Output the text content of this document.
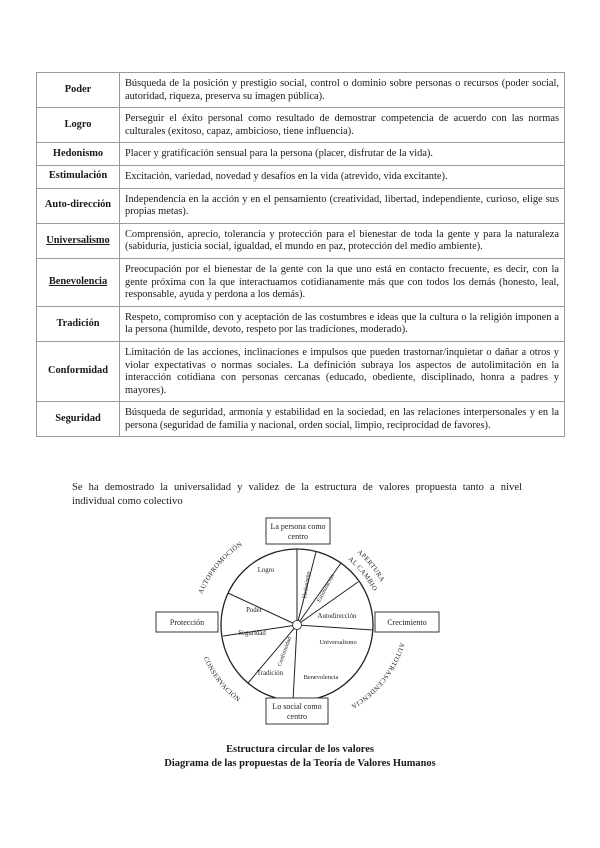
Poder	Búsqueda de la posición y prestigio social, control o dominio sobre personas o recursos (poder social, autoridad, riqueza, preserva su imagen pública).
Logro	Perseguir el éxito personal como resultado de demostrar competencia de acuerdo con las normas culturales (exitoso, capaz, ambicioso, tiene influencia).
Hedonismo	Placer y gratificación sensual para la persona (placer, disfrutar de la vida).
Estimulación	Excitación, variedad, novedad y desafíos en la vida (atrevido, vida excitante).
Auto-dirección	Independencia en la acción y en el pensamiento (creatividad, libertad, independiente, curioso, elige sus propias metas).
Universalismo	Comprensión, aprecio, tolerancia y protección para el bienestar de toda la gente y para la naturaleza (sabiduría, justicia social, igualdad, el mundo en paz, protección del medio ambiente).
Benevolencia	Preocupación por el bienestar de la gente con la que uno está en contacto frecuente, es decir, con la gente próxima con la que interactuamos cotidianamente más que con todos los demás (honesto, leal, responsable, ayuda y perdona a los demás).
Tradición	Respeto, compromiso con y aceptación de las costumbres e ideas que la cultura o la religión imponen a la persona (humilde, devoto, respeto por las tradiciones, moderado).
Conformidad	Limitación de las acciones, inclinaciones e impulsos que pueden trastornar/inquietar o dañar a otros y violar expectativas o normas sociales. La definición subraya los aspectos de autolimitación en la interacción cotidiana con personas cercanas (educado, obediente, disciplinado, honra a padres y mayores).
Seguridad	Búsqueda de seguridad, armonía y estabilidad en la sociedad, en las relaciones interpersonales y en la persona (seguridad de familia y nacional, orden social, limpio, reciprocidad de favores).
Se ha demostrado la universalidad y validez de la estructura de valores propuesta tanto a nivel
individual como colectivo
La persona como
centro
Lo social como
centro
Protección	Crecimiento
AUTOPROMOCIÓN
APERTURA
AL CAMBIO
AUTOTRASCENDENCIA
CONSERVACIÓN
Logro
Hedonismo Estimulación
Autodirección
Universalismo
Benevolencia
Tradición
Conformidad
Seguridad
Poder
Estructura circular de los valores
Diagrama de las propuestas de la Teoría de Valores Humanos
